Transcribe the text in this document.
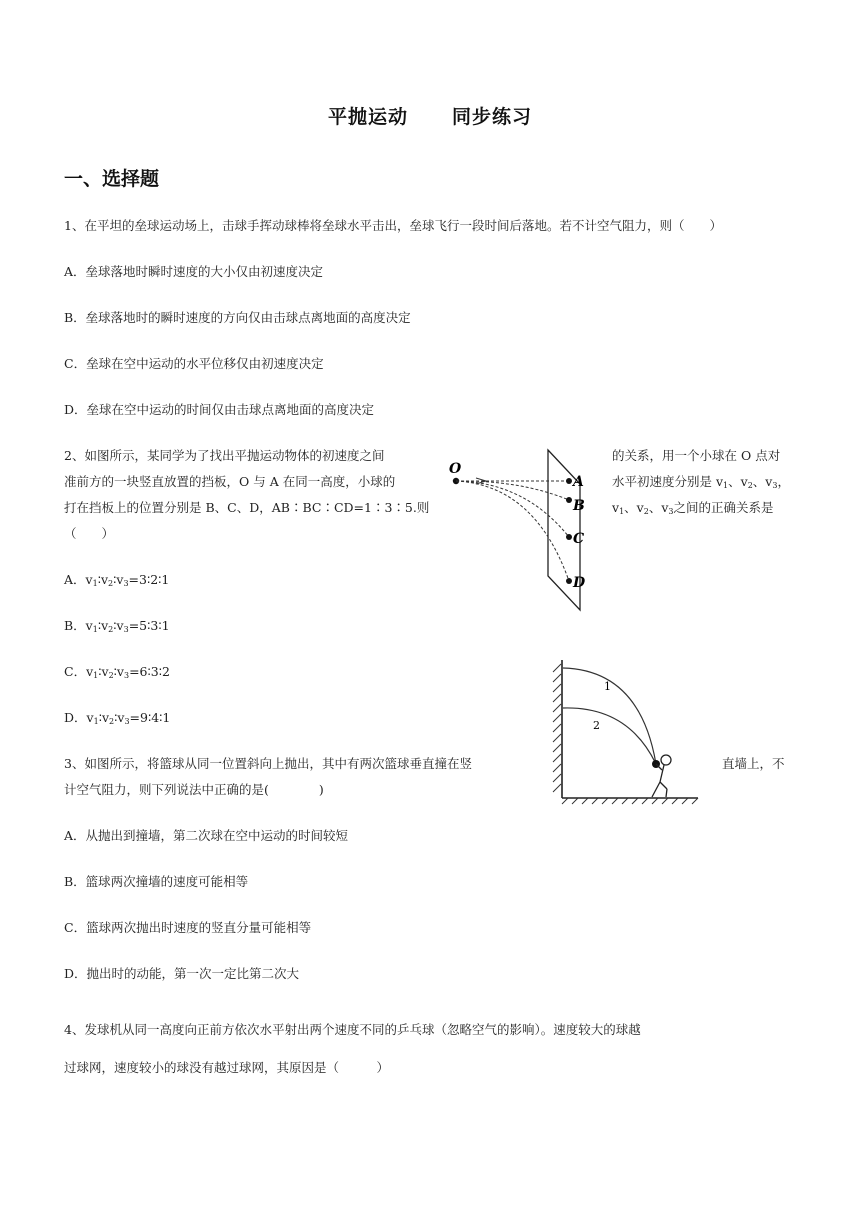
平抛运动 同步练习
一、选择题
1、在平坦的垒球运动场上，击球手挥动球棒将垒球水平击出，垒球飞行一段时间后落地。若不计空气阻力，则（　　）
A．垒球落地时瞬时速度的大小仅由初速度决定
B．垒球落地时的瞬时速度的方向仅由击球点离地面的高度决定
C．垒球在空中运动的水平位移仅由初速度决定
D．垒球在空中运动的时间仅由击球点离地面的高度决定
2、如图所示，某同学为了找出平抛运动物体的初速度之间	的关系，用一个小球在 O 点对
准前方的一块竖直放置的挡板，O 与 A 在同一高度，小球的	水平初速度分别是 $v_1$、$v_2$、$v_3$，
打在挡板上的位置分别是 B、C、D，AB∶BC∶CD=1∶3∶5.则	$v_1$、$v_2$、$v_3$之间的正确关系是
（　　）
A．$v_1∶v_2∶v_3=3∶2∶1$
B．$v_1∶v_2∶v_3=5∶3∶1$
C．$v_1∶v_2∶v_3=6∶3∶2$
D．$v_1∶v_2∶v_3=9∶4∶1$
O
A
B
C
D
3、如图所示，将篮球从同一位置斜向上抛出，其中有两次篮球垂直撞在竖	直墙上，不
计空气阻力，则下列说法中正确的是(　　　　)
A．从抛出到撞墙，第二次球在空中运动的时间较短
B．篮球两次撞墙的速度可能相等
C．篮球两次抛出时速度的竖直分量可能相等
D．抛出时的动能，第一次一定比第二次大
1
2
4、发球机从同一高度向正前方依次水平射出两个速度不同的乒乓球（忽略空气的影响）。速度较大的球越
过球网，速度较小的球没有越过球网，其原因是（　　　）
